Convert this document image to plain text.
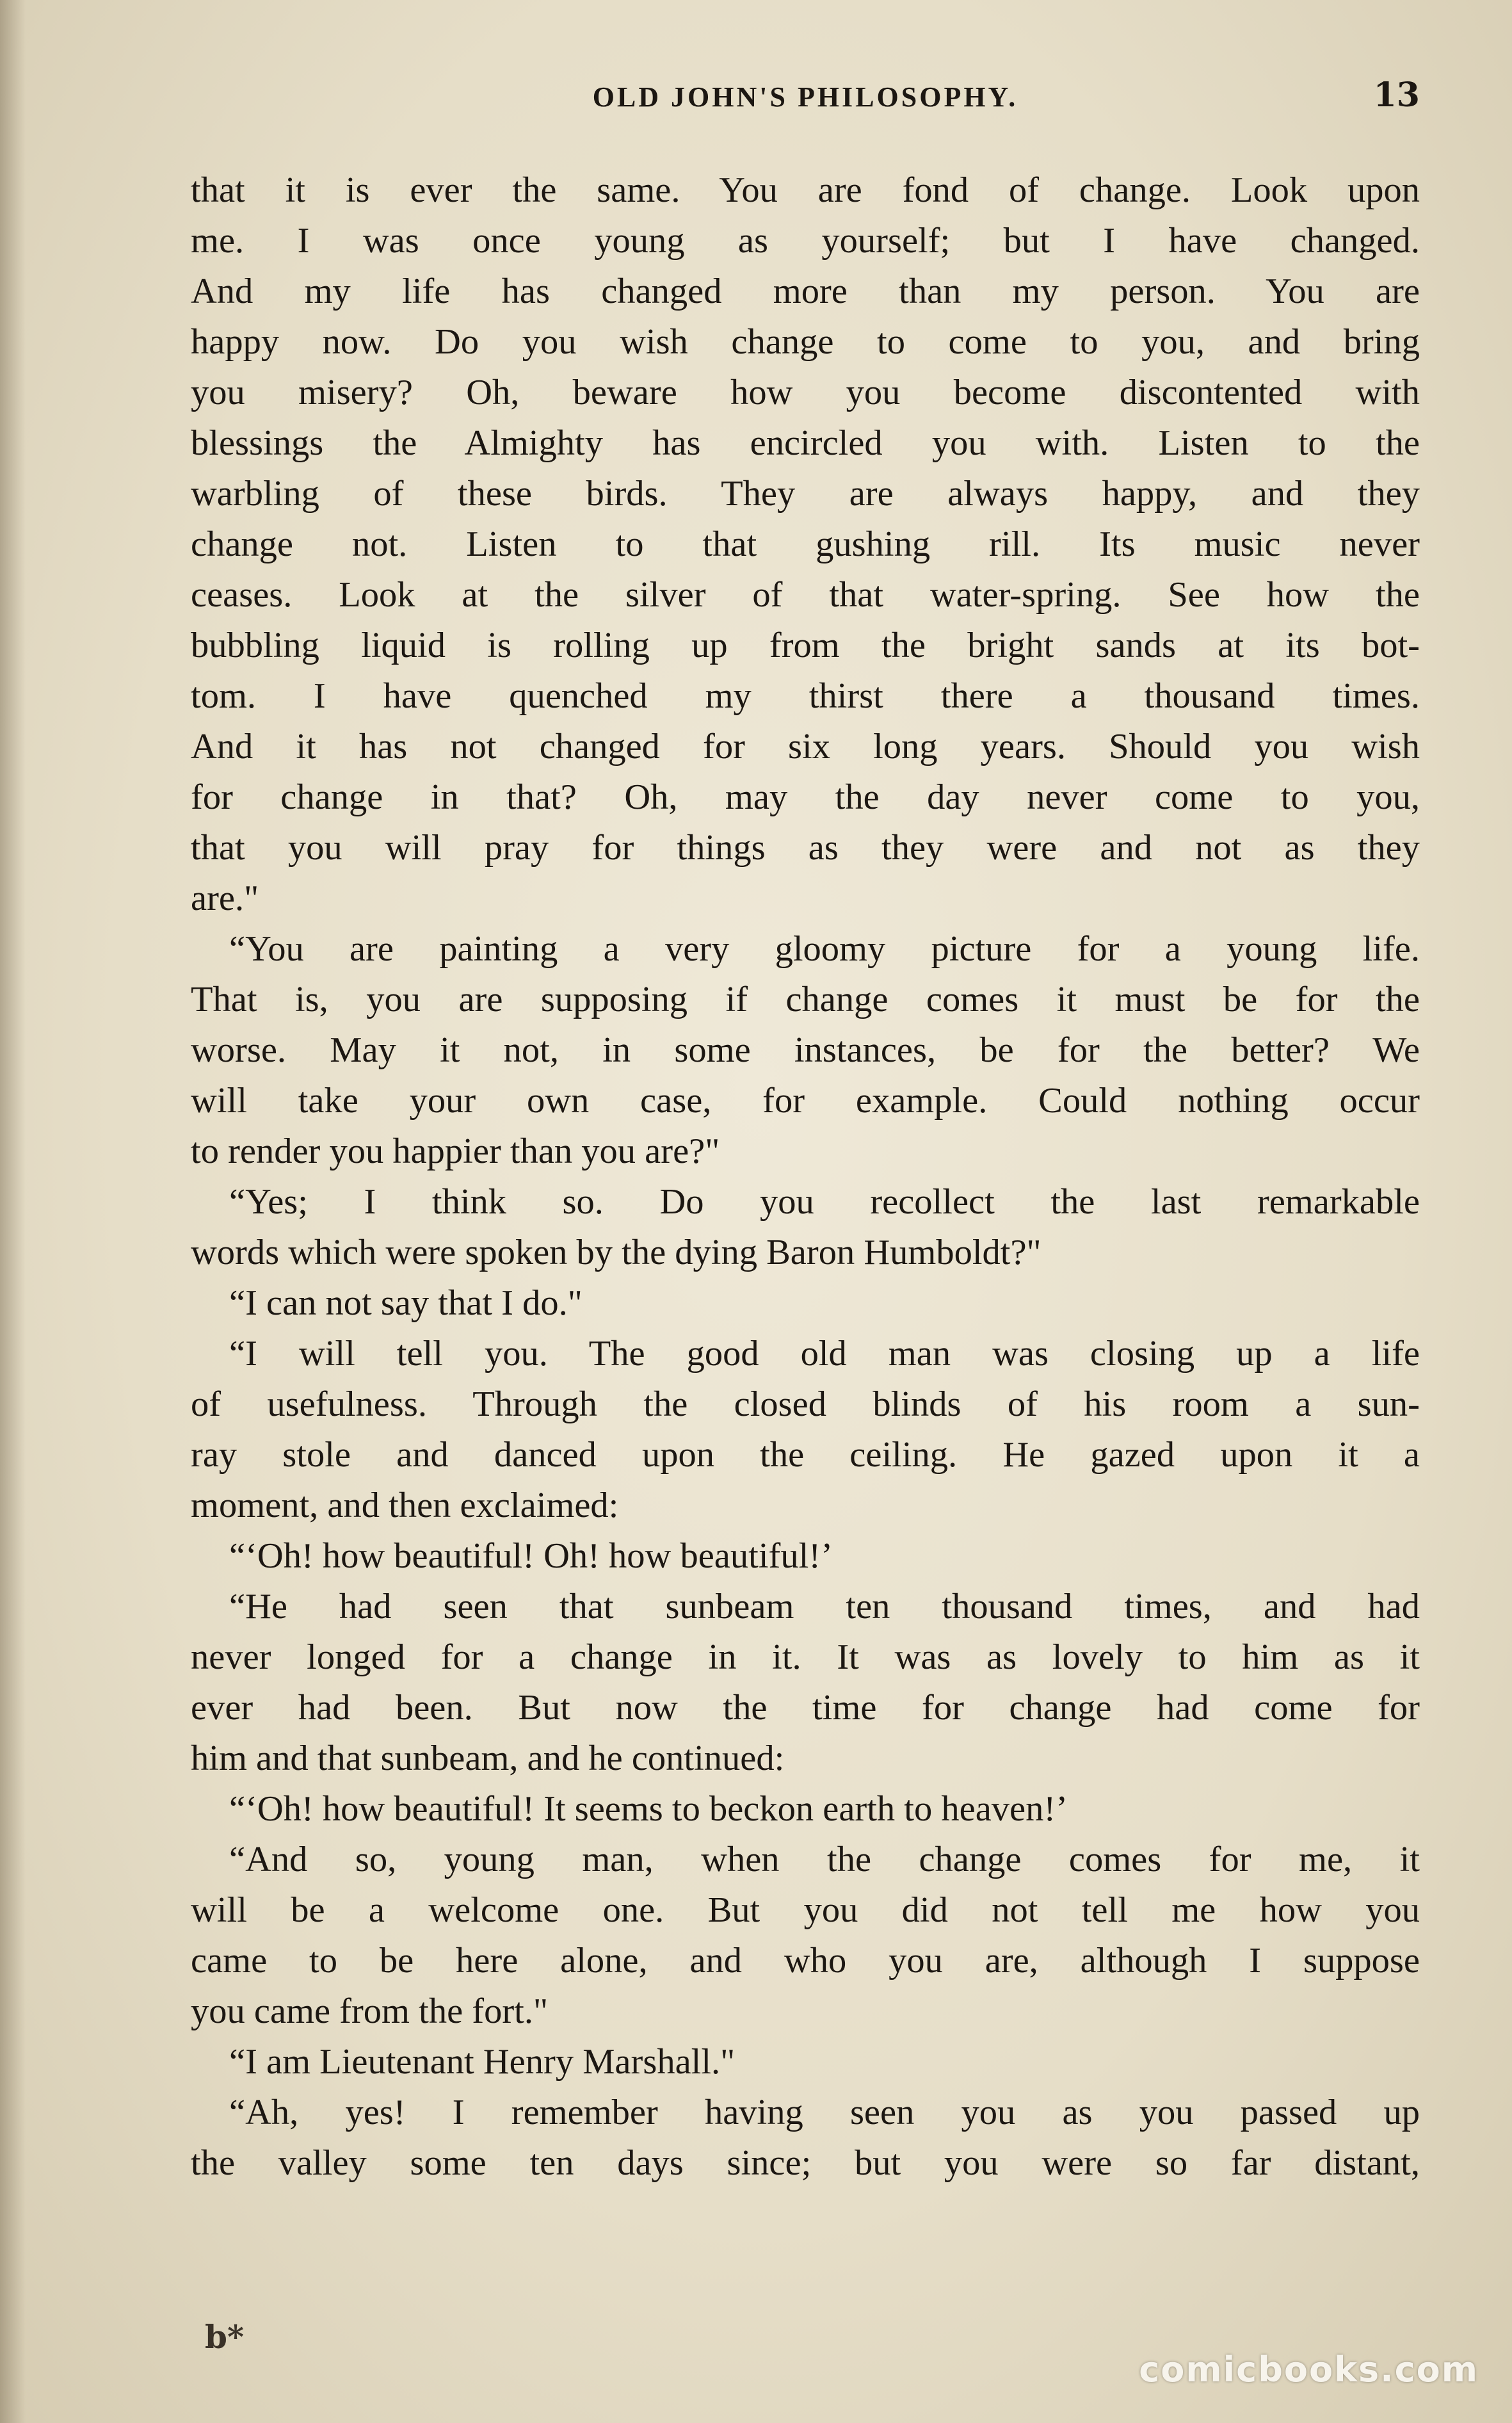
OLD JOHN'S PHILOSOPHY.	13
that it is ever the same. You are fond of change. Look upon
me. I was once young as yourself; but I have changed.
And my life has changed more than my person. You are
happy now. Do you wish change to come to you, and bring
you misery? Oh, beware how you become discontented with
blessings the Almighty has encircled you with. Listen to the
warbling of these birds. They are always happy, and they
change not. Listen to that gushing rill. Its music never
ceases. Look at the silver of that water-spring. See how the
bubbling liquid is rolling up from the bright sands at its bot-
tom. I have quenched my thirst there a thousand times.
And it has not changed for six long years. Should you wish
for change in that? Oh, may the day never come to you,
that you will pray for things as they were and not as they
are."
“You are painting a very gloomy picture for a young life.
That is, you are supposing if change comes it must be for the
worse. May it not, in some instances, be for the better? We
will take your own case, for example. Could nothing occur
to render you happier than you are?"
“Yes; I think so. Do you recollect the last remarkable
words which were spoken by the dying Baron Humboldt?"
“I can not say that I do."
“I will tell you. The good old man was closing up a life
of usefulness. Through the closed blinds of his room a sun-
ray stole and danced upon the ceiling. He gazed upon it a
moment, and then exclaimed:
“‘Oh! how beautiful! Oh! how beautiful!’
“He had seen that sunbeam ten thousand times, and had
never longed for a change in it. It was as lovely to him as it
ever had been. But now the time for change had come for
him and that sunbeam, and he continued:
“‘Oh! how beautiful! It seems to beckon earth to heaven!’
“And so, young man, when the change comes for me, it
will be a welcome one. But you did not tell me how you
came to be here alone, and who you are, although I suppose
you came from the fort."
“I am Lieutenant Henry Marshall."
“Ah, yes! I remember having seen you as you passed up
the valley some ten days since; but you were so far distant,
b*
comicbooks.com
